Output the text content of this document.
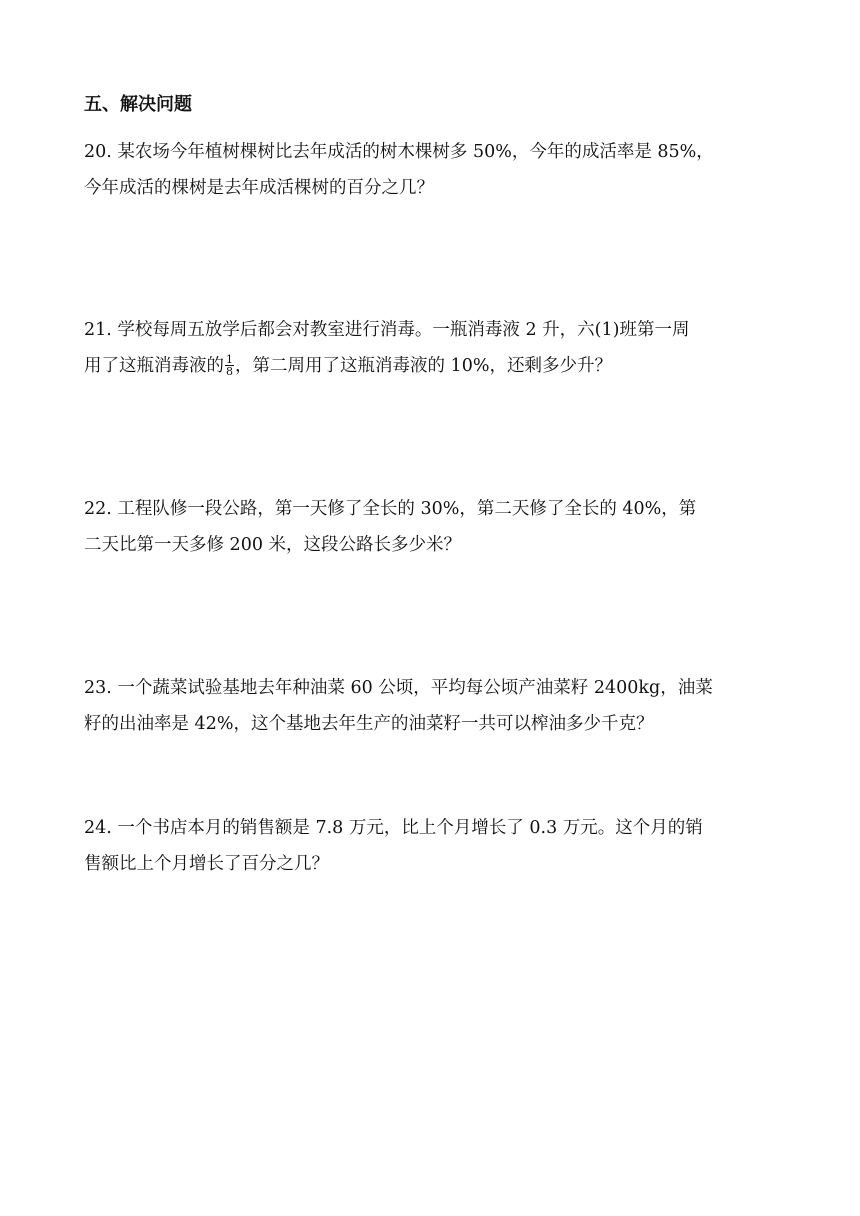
五、解决问题
20. 某农场今年植树棵树比去年成活的树木棵树多 50%，今年的成活率是 85%，
今年成活的棵树是去年成活棵树的百分之几？
21. 学校每周五放学后都会对教室进行消毒。一瓶消毒液 2 升，六(1)班第一周
用了这瓶消毒液的 $\frac{1}{8}$ ，第二周用了这瓶消毒液的 10%，还剩多少升？
22. 工程队修一段公路，第一天修了全长的 30%，第二天修了全长的 40%，第
二天比第一天多修 200 米，这段公路长多少米？
23. 一个蔬菜试验基地去年种油菜 60 公顷，平均每公顷产油菜籽 2400kg，油菜
籽的出油率是 42%，这个基地去年生产的油菜籽一共可以榨油多少千克？
24. 一个书店本月的销售额是 7.8 万元，比上个月增长了 0.3 万元。这个月的销
售额比上个月增长了百分之几？
